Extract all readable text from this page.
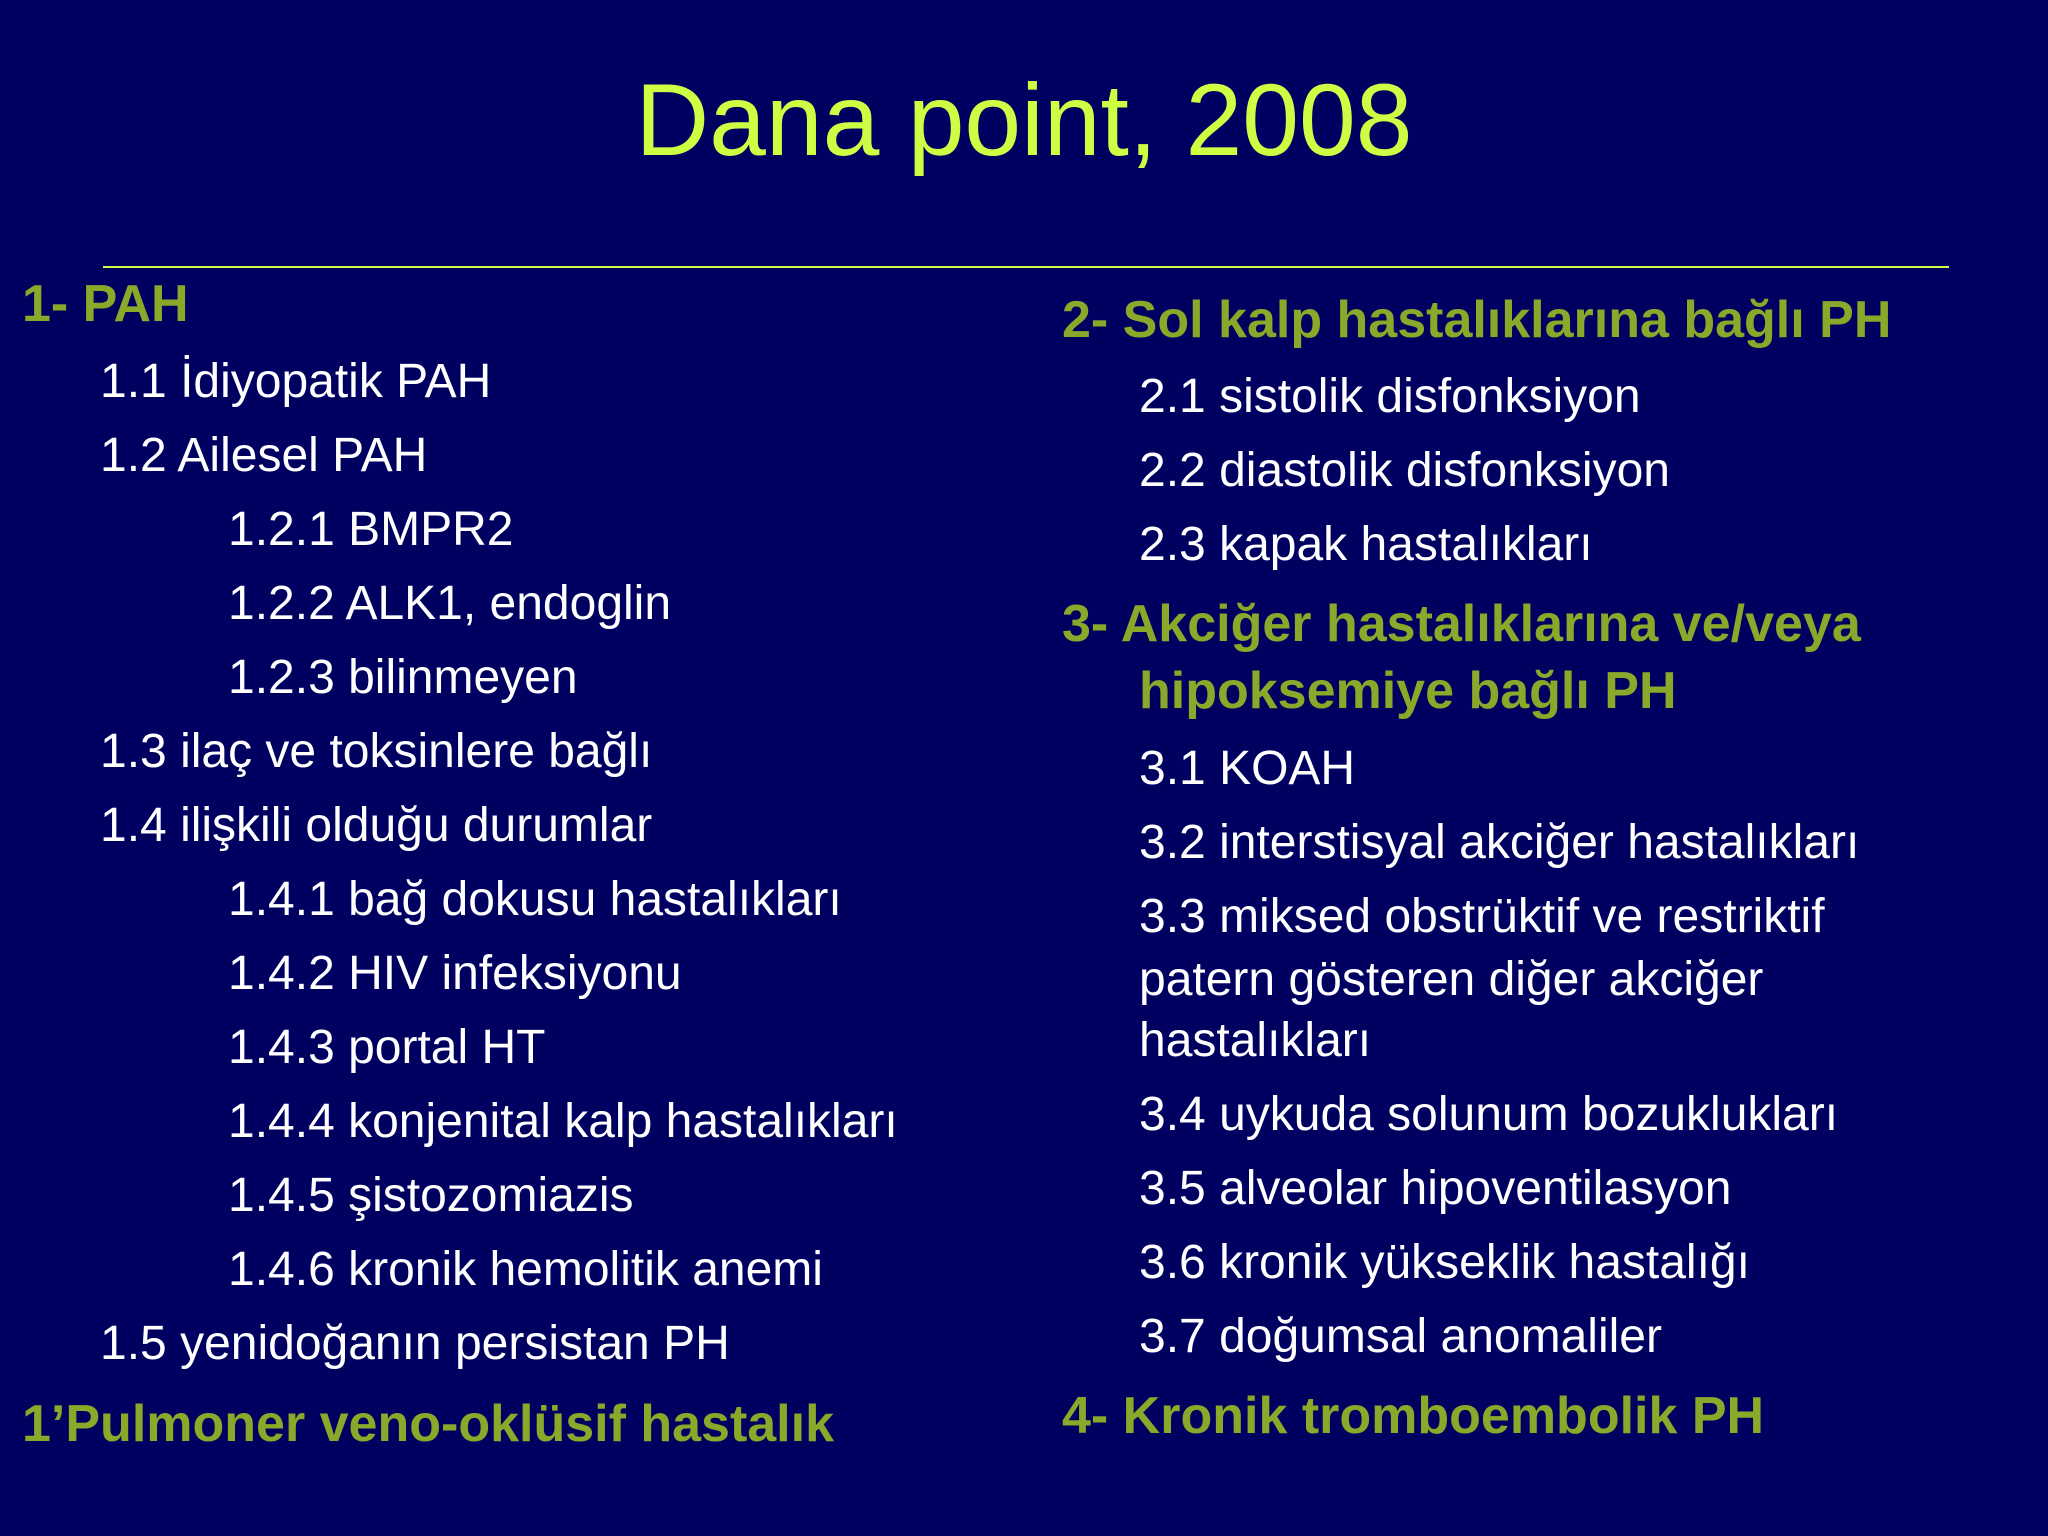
Dana point, 2008
1- PAH
1.1 İdiyopatik PAH
1.2 Ailesel PAH
1.2.1 BMPR2
1.2.2 ALK1, endoglin
1.2.3 bilinmeyen
1.3 ilaç ve toksinlere bağlı
1.4 ilişkili olduğu durumlar
1.4.1 bağ dokusu hastalıkları
1.4.2 HIV infeksiyonu
1.4.3 portal HT
1.4.4 konjenital kalp hastalıkları
1.4.5 şistozomiazis
1.4.6 kronik hemolitik anemi
1.5 yenidoğanın persistan PH
1’Pulmoner veno-oklüsif hastalık
2- Sol kalp hastalıklarına bağlı PH
2.1 sistolik disfonksiyon
2.2 diastolik disfonksiyon
2.3 kapak hastalıkları
3- Akciğer hastalıklarına ve/veya
hipoksemiye bağlı PH
3.1 KOAH
3.2 interstisyal akciğer hastalıkları
3.3 miksed obstrüktif ve restriktif
patern gösteren diğer akciğer
hastalıkları
3.4 uykuda solunum bozuklukları
3.5 alveolar hipoventilasyon
3.6 kronik yükseklik hastalığı
3.7 doğumsal anomaliler
4- Kronik tromboembolik PH
